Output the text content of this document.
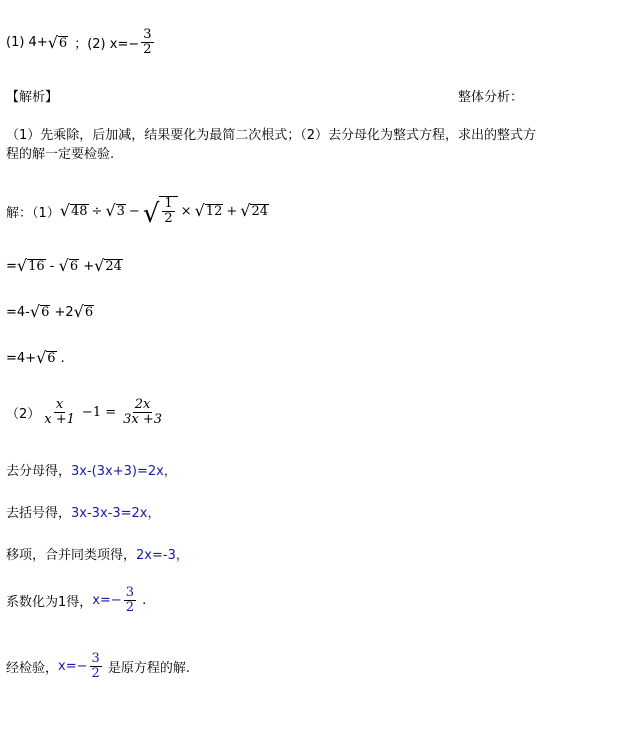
(1) 4+ √ 6 ；(2) $x=- \frac{3}{2}$
【解析】	整体分析：
（1）先乘除，后加减，结果要化为最简二次根式；（2）去分母化为整式方程，求出的整式方
程的解一定要检验.
解：（1） √ 48 ÷ √ 3 − √ $\frac{1}{2}$ × √ 12 + √ 24
= √ 16 - √ 6 + √ 24
=4- √ 6 +2 √ 6
=4+ √ 6 .
$(2) \frac{x}{x +1} -1 = \frac{2x}{3x +3}$
去分母得， 3x-(3x+3)=2x，
去括号得， 3x-3x-3=2x，
移项，合并同类项得， 2x=-3，
系数化为1得， $x=- \frac{3}{2}$ .
经检验， $x=- \frac{3}{2}$ 是原方程的解.
